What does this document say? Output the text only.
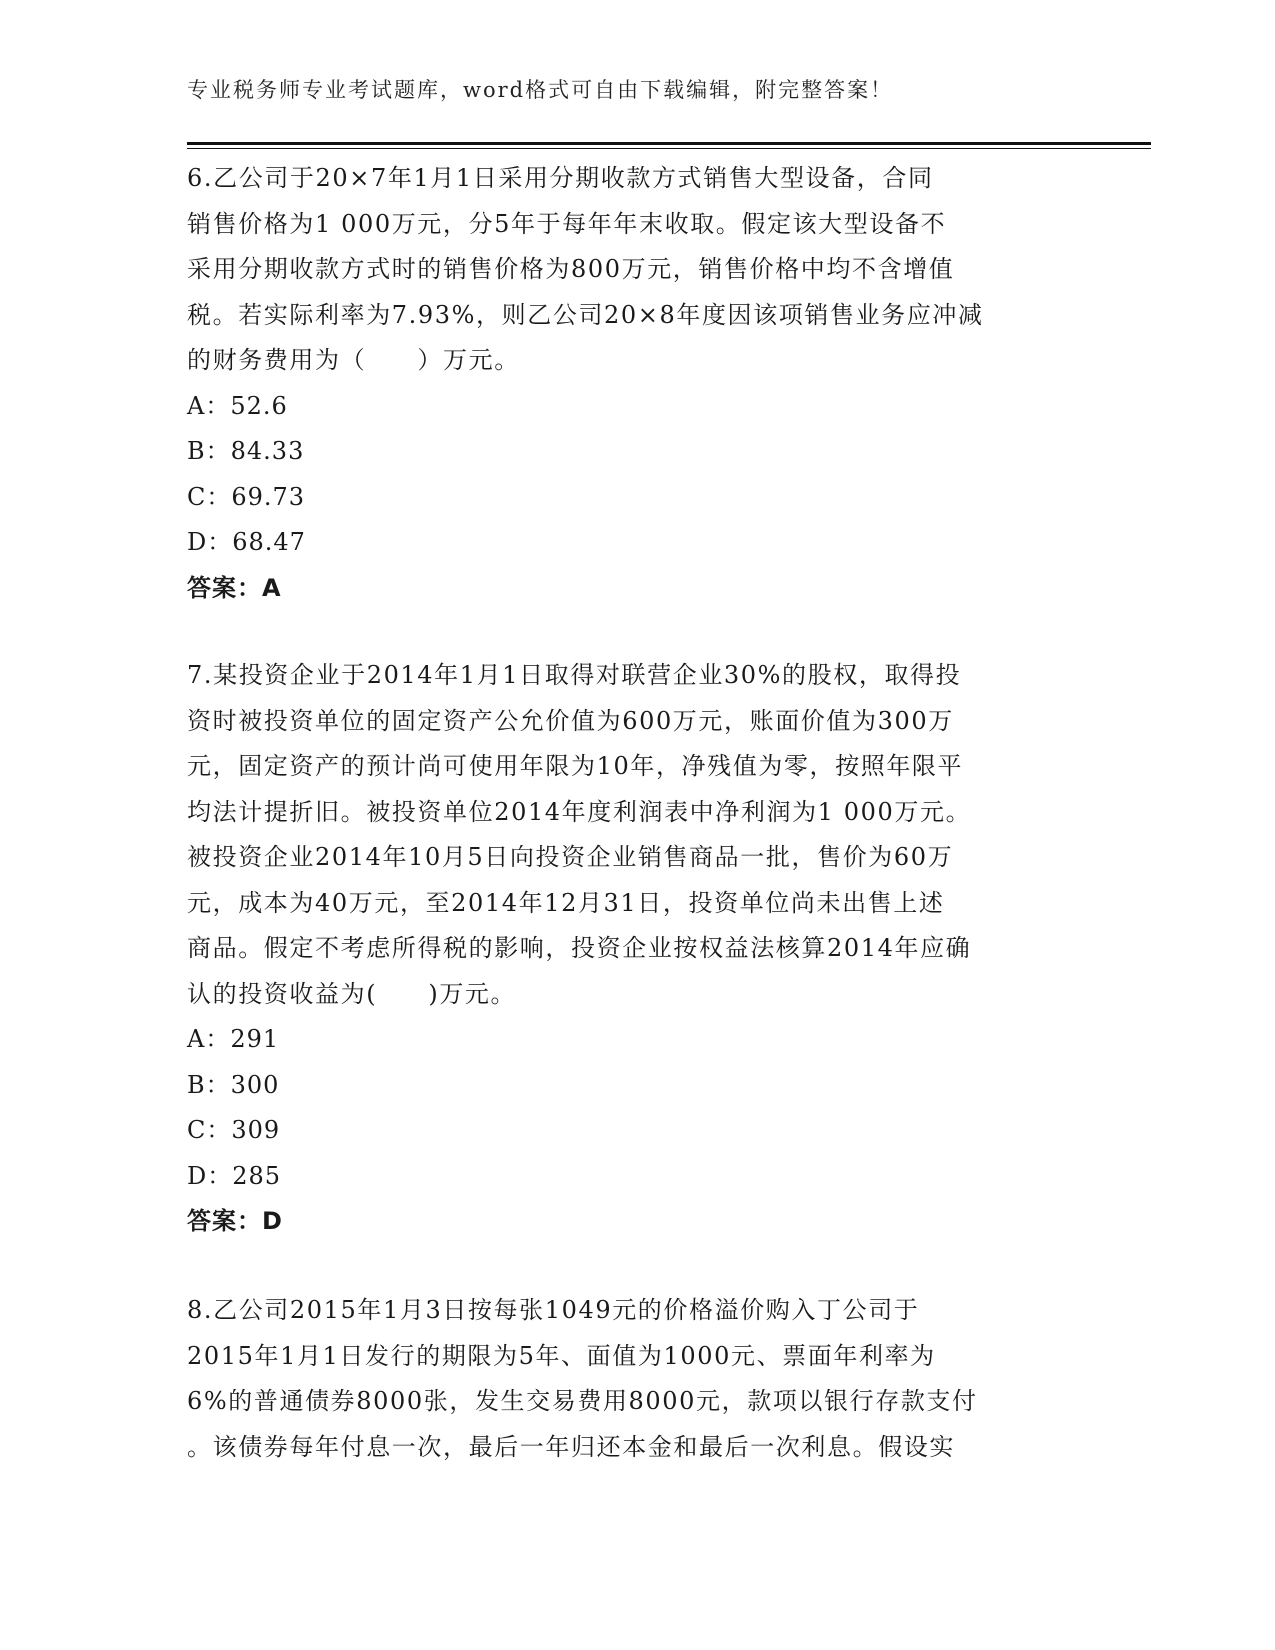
专业税务师专业考试题库，word格式可自由下载编辑，附完整答案！
6.乙公司于20×7年1月1日采用分期收款方式销售大型设备，合同
销售价格为1 000万元，分5年于每年年末收取。假定该大型设备不
采用分期收款方式时的销售价格为800万元，销售价格中均不含增值
税。若实际利率为7.93%，则乙公司20×8年度因该项销售业务应冲减
的财务费用为（　　）万元。
A：52.6
B：84.33
C：69.73
D：68.47
答案：A
7.某投资企业于2014年1月1日取得对联营企业30%的股权，取得投
资时被投资单位的固定资产公允价值为600万元，账面价值为300万
元，固定资产的预计尚可使用年限为10年，净残值为零，按照年限平
均法计提折旧。被投资单位2014年度利润表中净利润为1 000万元。
被投资企业2014年10月5日向投资企业销售商品一批，售价为60万
元，成本为40万元，至2014年12月31日，投资单位尚未出售上述
商品。假定不考虑所得税的影响，投资企业按权益法核算2014年应确
认的投资收益为(　　)万元。
A：291
B：300
C：309
D：285
答案：D
8.乙公司2015年1月3日按每张1049元的价格溢价购入丁公司于
2015年1月1日发行的期限为5年、面值为1000元、票面年利率为
6%的普通债券8000张，发生交易费用8000元，款项以银行存款支付
。该债券每年付息一次，最后一年归还本金和最后一次利息。假设实
